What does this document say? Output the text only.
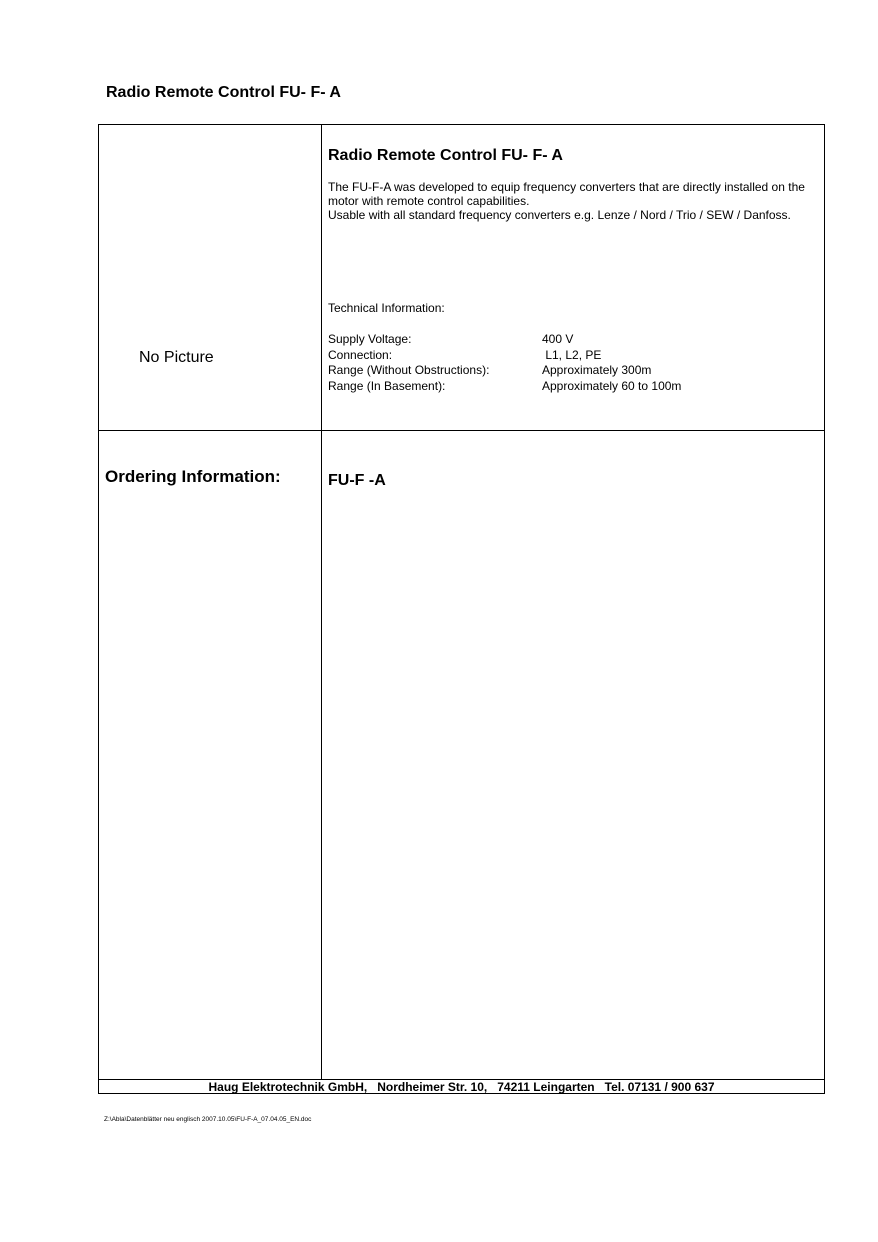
Radio Remote Control FU- F- A
No Picture
Radio Remote Control FU- F- A

The FU-F-A was developed to equip frequency converters that are directly installed on the motor with remote control capabilities.

Usable with all standard frequency converters e.g. Lenze / Nord / Trio / SEW / Danfoss.

Technical Information:
Supply Voltage:	400 V
Connection:	L1, L2, PE
Range (Without Obstructions):	Approximately 300m
Range (In Basement):	Approximately 60 to 100m
Ordering Information:	FU-F -A
Haug Elektrotechnik GmbH,   Nordheimer Str. 10,   74211 Leingarten   Tel. 07131 / 900 637
Z:\Abla\Datenblätter neu englisch 2007.10.05\FU-F-A_07.04.05_EN.doc
